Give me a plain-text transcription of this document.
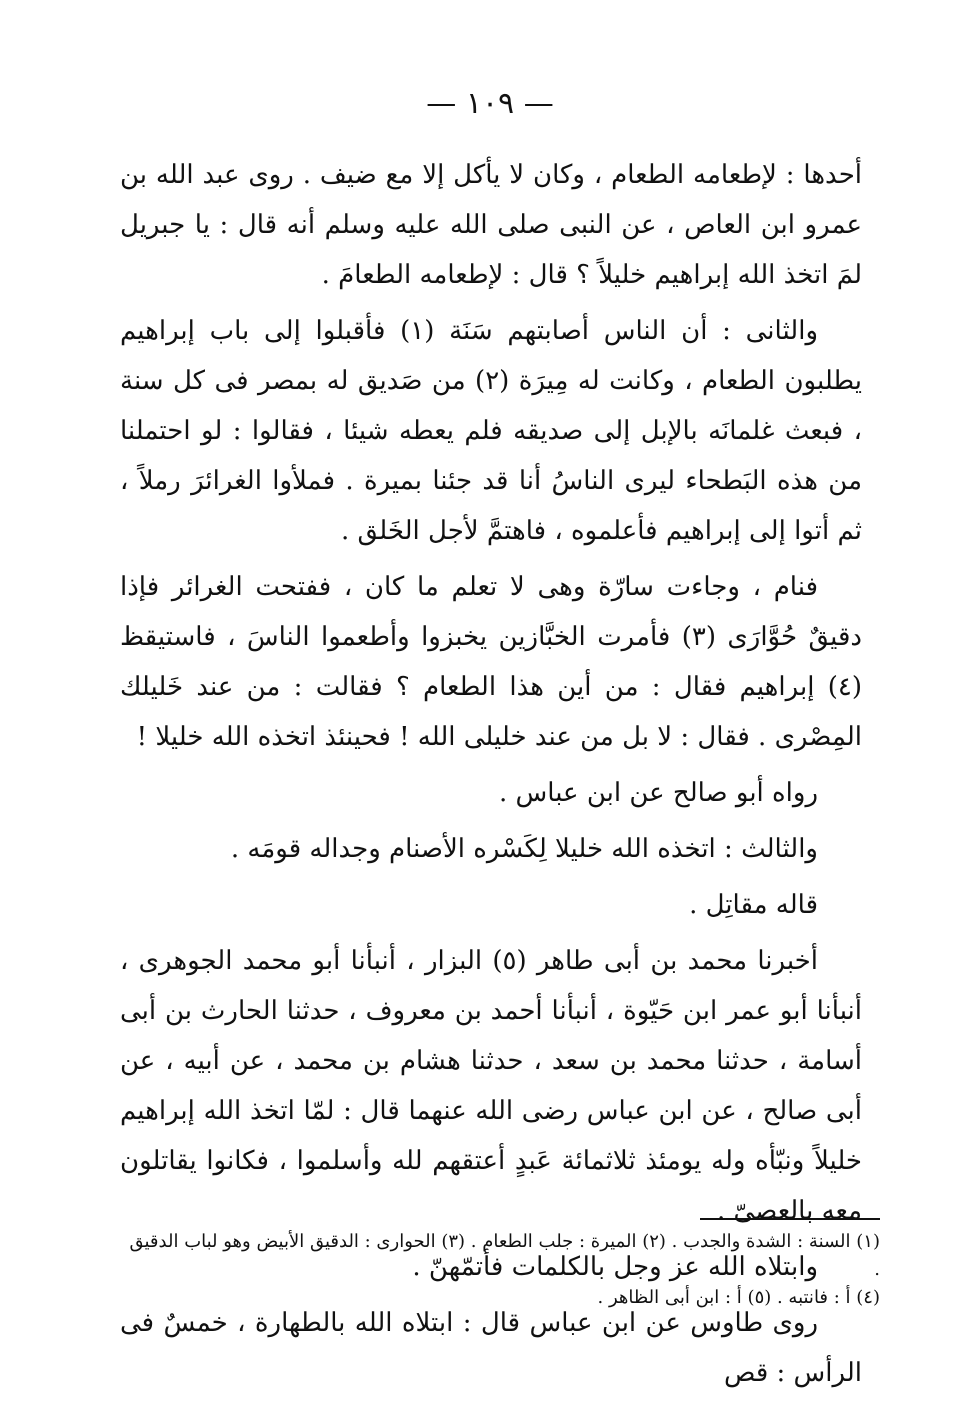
— ١٠٩ —

أحدها : لإطعامه الطعام ، وكان لا يأكل إلا مع ضيف . روى عبد الله بن عمرو ابن العاص ، عن النبى صلى الله عليه وسلم أنه قال : يا جبريل لمَ اتخذ الله إبراهيم خليلاً ؟ قال : لإطعامه الطعامَ .

والثانى : أن الناس أصابتهم سَنَة (١) فأقبلوا إلى باب إبراهيم يطلبون الطعام ، وكانت له مِيرَة (٢) من صَديق له بمصر فى كل سنة ، فبعث غلمانَه بالإبل إلى صديقه فلم يعطه شيئا ، فقالوا : لو احتملنا من هذه البَطحاء ليرى الناسُ أنا قد جئنا بميرة . فملأوا الغرائرَ رملاً ، ثم أتوا إلى إبراهيم فأعلموه ، فاهتمَّ لأجل الخَلق .

فنام ، وجاءت سارّة وهى لا تعلم ما كان ، ففتحت الغرائر فإذا دقيقٌ حُوَّارَى (٣) فأمرت الخبَّازين يخبزوا وأطعموا الناسَ ، فاستيقظ (٤) إبراهيم فقال : من أين هذا الطعام ؟ فقالت : من عند خَليلك المِصْرى . فقال : لا بل من عند خليلى الله ! فحينئذ اتخذه الله خليلا !

رواه أبو صالح عن ابن عباس .

والثالث : اتخذه الله خليلا لِكَسْره الأصنام وجداله قومَه .

قاله مقاتِل .

أخبرنا محمد بن أبى طاهر (٥) البزار ، أنبأنا أبو محمد الجوهرى ، أنبأنا أبو عمر ابن حَيّوة ، أنبأنا أحمد بن معروف ، حدثنا الحارث بن أبى أسامة ، حدثنا محمد بن سعد ، حدثنا هشام بن محمد ، عن أبيه ، عن أبى صالح ، عن ابن عباس رضى الله عنهما قال : لمّا اتخذ الله إبراهيم خليلاً ونبّأه وله يومئذ ثلاثمائة عَبدٍ أعتقهم لله وأسلموا ، فكانوا يقاتلون معه بالعصىّ .

وابتلاه الله عز وجل بالكلمات فأتمّهنّ .

روى طاوس عن ابن عباس قال : ابتلاه الله بالطهارة ، خمسٌ فى الرأس : قص

(١) السنة : الشدة والجدب . (٢) الميرة : جلب الطعام . (٣) الحوارى : الدقيق الأبيض وهو لباب الدقيق .

(٤) أ : فانتبه . (٥) أ : ابن أبى الظاهر .
